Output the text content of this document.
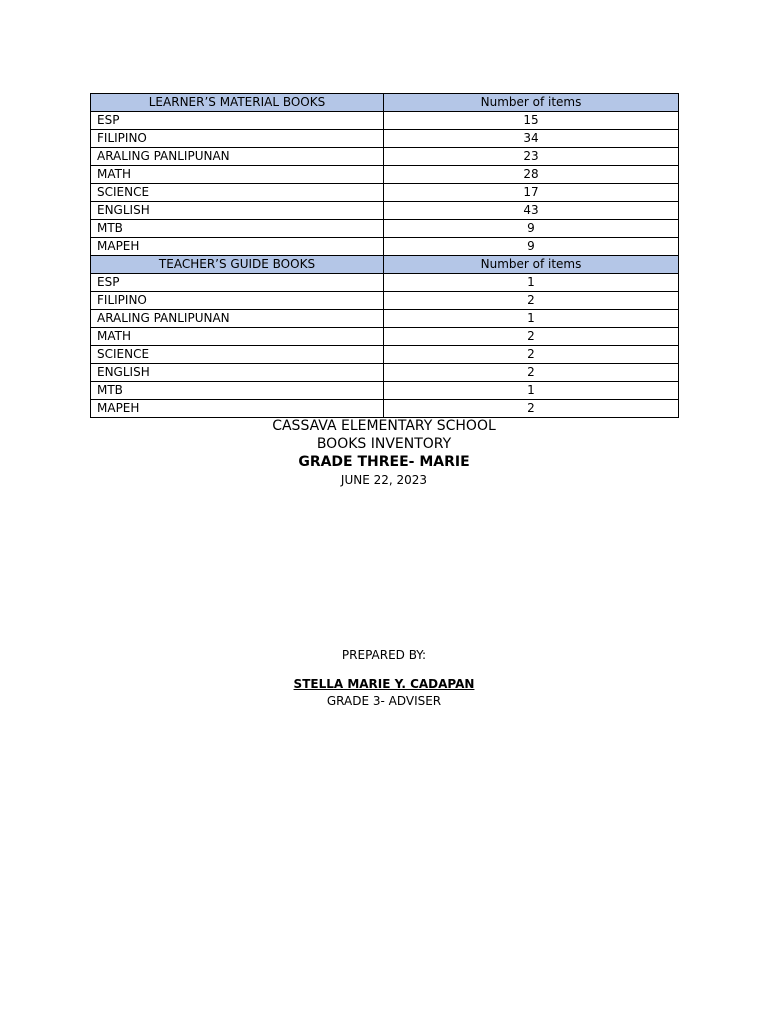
LEARNER’S MATERIAL BOOKS	Number of items
ESP	15
FILIPINO	34
ARALING PANLIPUNAN	23
MATH	28
SCIENCE	17
ENGLISH	43
MTB	9
MAPEH	9
TEACHER’S GUIDE BOOKS	Number of items
ESP	1
FILIPINO	2
ARALING PANLIPUNAN	1
MATH	2
SCIENCE	2
ENGLISH	2
MTB	1
MAPEH	2
CASSAVA ELEMENTARY SCHOOL
BOOKS INVENTORY
GRADE THREE- MARIE
JUNE 22, 2023
PREPARED BY:
STELLA MARIE Y. CADAPAN
GRADE 3- ADVISER
